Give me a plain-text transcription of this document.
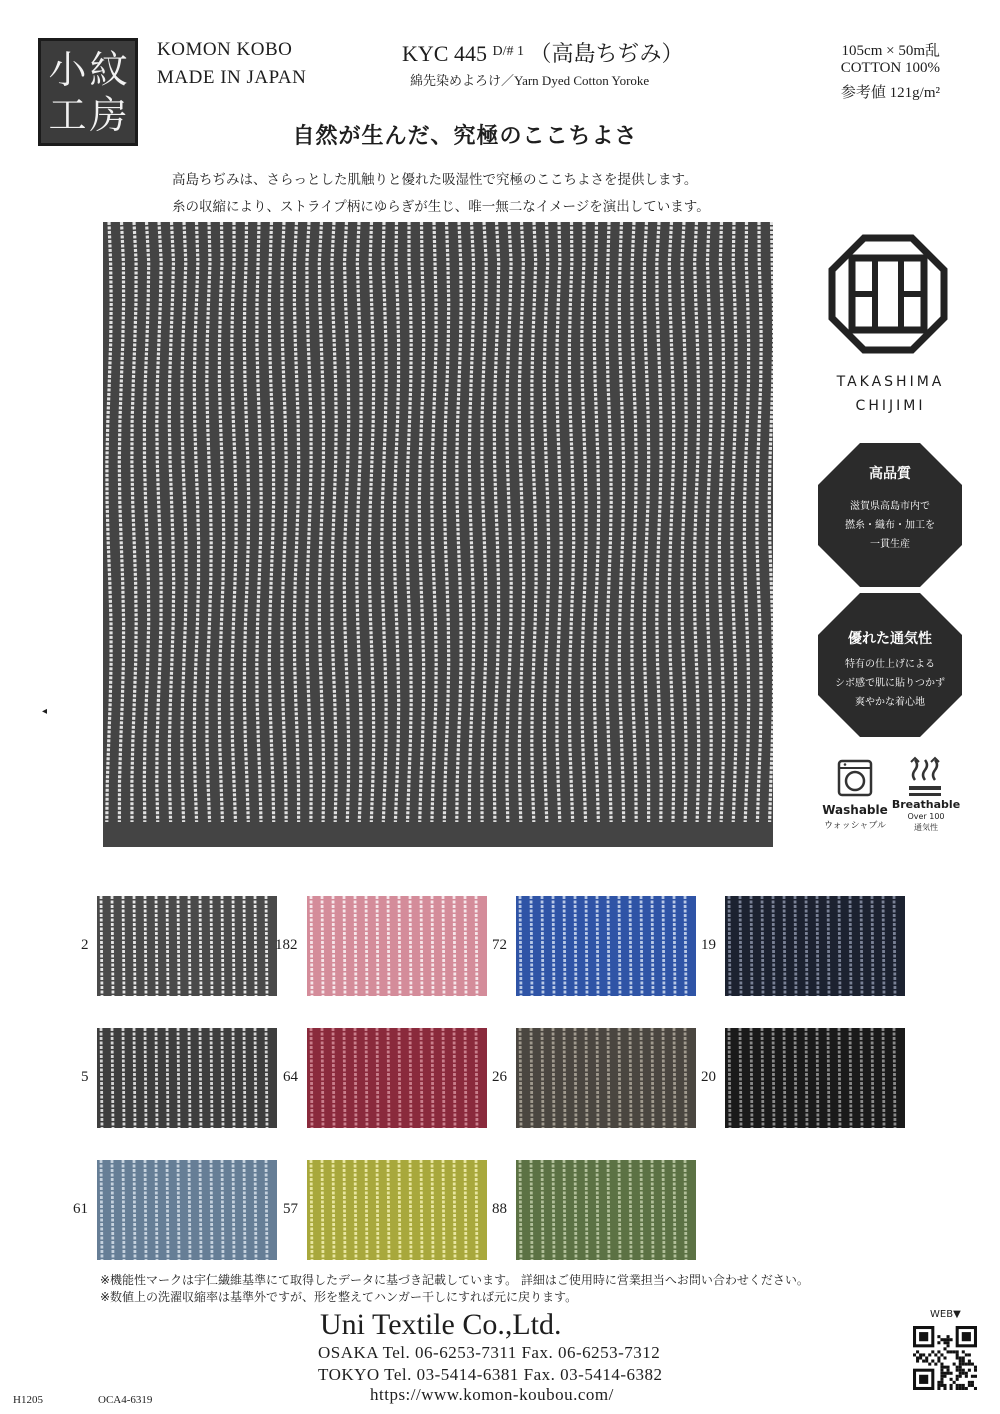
小 紋
工 房
KOMON KOBO
MADE IN JAPAN
KYC 445 $^{D/\# 1}$ （高島ちぢみ）
綿先染めよろけ／Yarn Dyed Cotton Yoroke
105cm × 50m乱
COTTON 100%
参考値 121g/m²
自然が生んだ、究極のここちよさ
高島ちぢみは、さらっとした肌触りと優れた吸湿性で究極のここちよさを提供します。
糸の収縮により、ストライプ柄にゆらぎが生じ、唯一無二なイメージを演出しています。
◂
TAKASHIMA
CHIJIMI
高品質
滋賀県高島市内で
撚糸・織布・加工を
一貫生産
優れた通気性
特有の仕上げによる
シボ感で肌に貼りつかず
爽やかな着心地
Washable
ウォッシャブル
Breathable
Over 100
通気性
2	182	72	19
5	64	26	20
61	57	88
※機能性マークは宇仁繊維基準にて取得したデータに基づき記載しています。 詳細はご使用時に営業担当へお問い合わせください。
※数値上の洗濯収縮率は基準外ですが、形を整えてハンガー干しにすれば元に戻ります。
Uni Textile Co.,Ltd.
OSAKA Tel. 06-6253-7311 Fax. 06-6253-7312
TOKYO Tel. 03-5414-6381 Fax. 03-5414-6382
https://www.komon-koubou.com/
WEB▼
H1205	OCA4-6319
